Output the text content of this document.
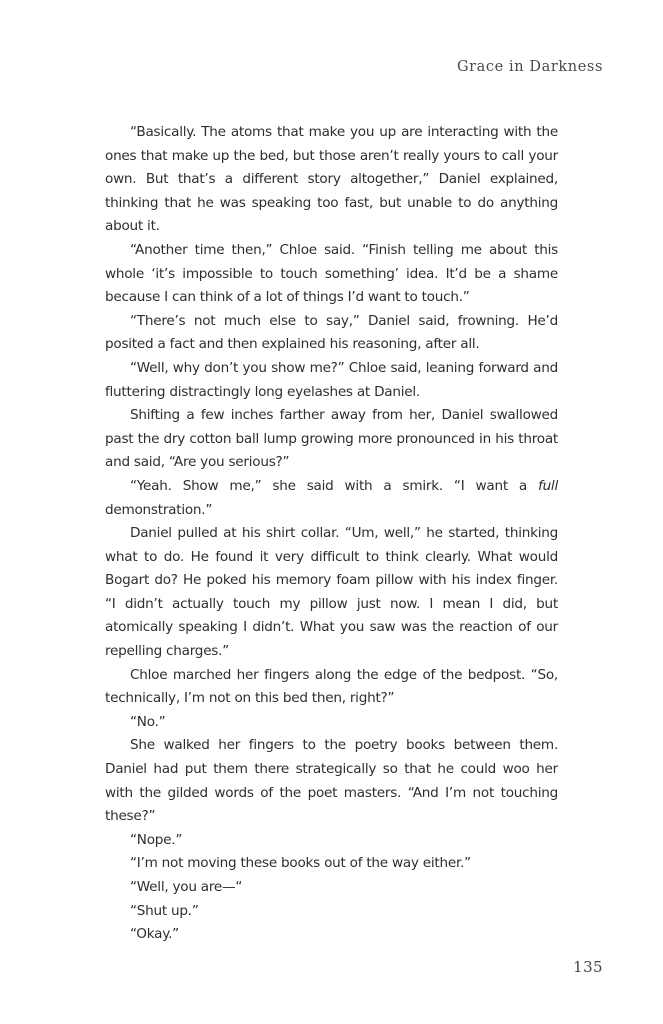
Grace in Darkness

“Basically. The atoms that make you up are interacting with the ones that make up the bed, but those aren’t really yours to call your own. But that’s a different story altogether,” Daniel explained, thinking that he was speaking too fast, but unable to do anything about it.

“Another time then,” Chloe said. “Finish telling me about this whole ‘it’s impossible to touch something’ idea. It’d be a shame because I can think of a lot of things I’d want to touch.”

“There’s not much else to say,” Daniel said, frowning. He’d posited a fact and then explained his reasoning, after all.

“Well, why don’t you show me?” Chloe said, leaning forward and fluttering distractingly long eyelashes at Daniel.

Shifting a few inches farther away from her, Daniel swallowed past the dry cotton ball lump growing more pronounced in his throat and said, “Are you serious?”

“Yeah. Show me,” she said with a smirk. “I want a full demonstration.”

Daniel pulled at his shirt collar. “Um, well,” he started, thinking what to do. He found it very difficult to think clearly. What would Bogart do? He poked his memory foam pillow with his index finger. “I didn’t actually touch my pillow just now. I mean I did, but atomically speaking I didn’t. What you saw was the reaction of our repelling charges.”

Chloe marched her fingers along the edge of the bedpost. “So, technically, I’m not on this bed then, right?”

“No.”

She walked her fingers to the poetry books between them. Daniel had put them there strategically so that he could woo her with the gilded words of the poet masters. “And I’m not touching these?”

“Nope.”

“I’m not moving these books out of the way either.”

“Well, you are—“

“Shut up.”

“Okay.”

135
